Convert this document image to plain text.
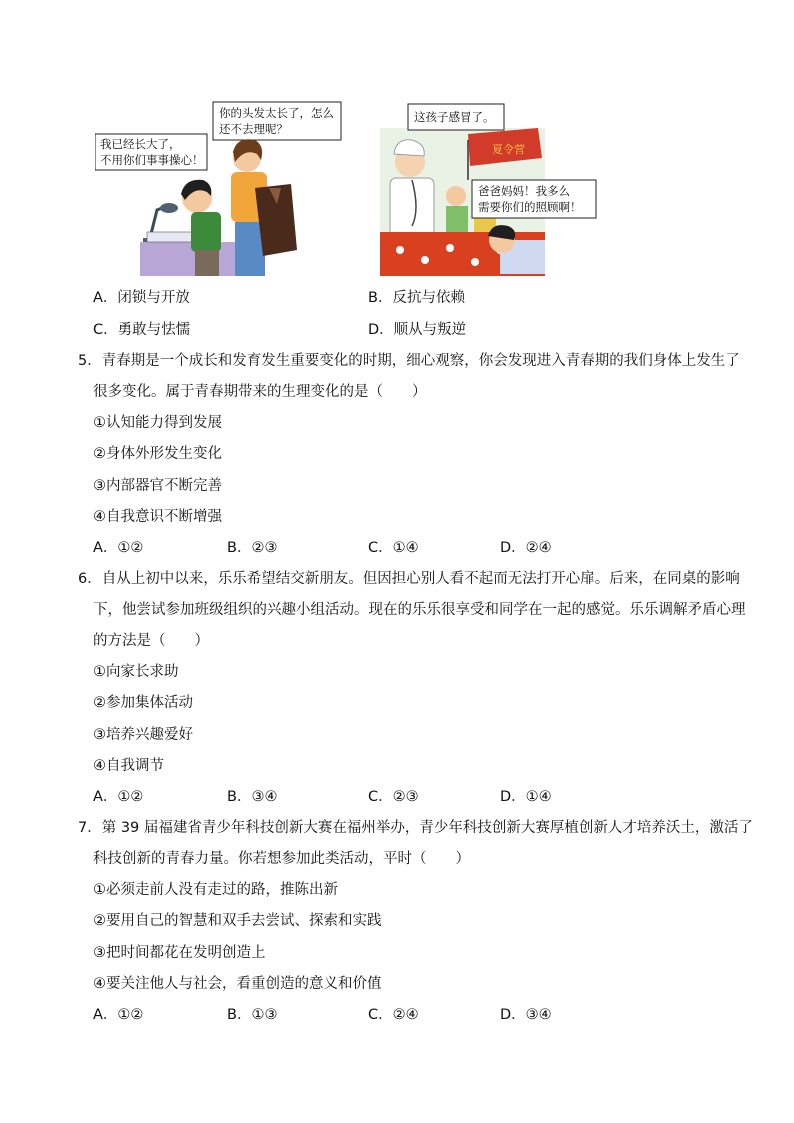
我已经长大了，
不用你们事事操心！
你的头发太长了，怎么
还不去理呢？
夏令营
这孩子感冒了。
爸爸妈妈！我多么
需要你们的照顾啊！
A．闭锁与开放	B．反抗与依赖
C．勇敢与怯懦	D．顺从与叛逆
5．青春期是一个成长和发育发生重要变化的时期，细心观察，你会发现进入青春期的我们身体上发生了
很多变化。属于青春期带来的生理变化的是（　　）
①认知能力得到发展
②身体外形发生变化
③内部器官不断完善
④自我意识不断增强
A．①②	B．②③	C．①④	D．②④
6．自从上初中以来，乐乐希望结交新朋友。但因担心别人看不起而无法打开心扉。后来，在同桌的影响
下，他尝试参加班级组织的兴趣小组活动。现在的乐乐很享受和同学在一起的感觉。乐乐调解矛盾心理
的方法是（　　）
①向家长求助
②参加集体活动
③培养兴趣爱好
④自我调节
A．①②	B．③④	C．②③	D．①④
7．第 39 届福建省青少年科技创新大赛在福州举办，青少年科技创新大赛厚植创新人才培养沃土，激活了
科技创新的青春力量。你若想参加此类活动，平时（　　）
①必须走前人没有走过的路，推陈出新
②要用自己的智慧和双手去尝试、探索和实践
③把时间都花在发明创造上
④要关注他人与社会，看重创造的意义和价值
A．①②	B．①③	C．②④	D．③④
